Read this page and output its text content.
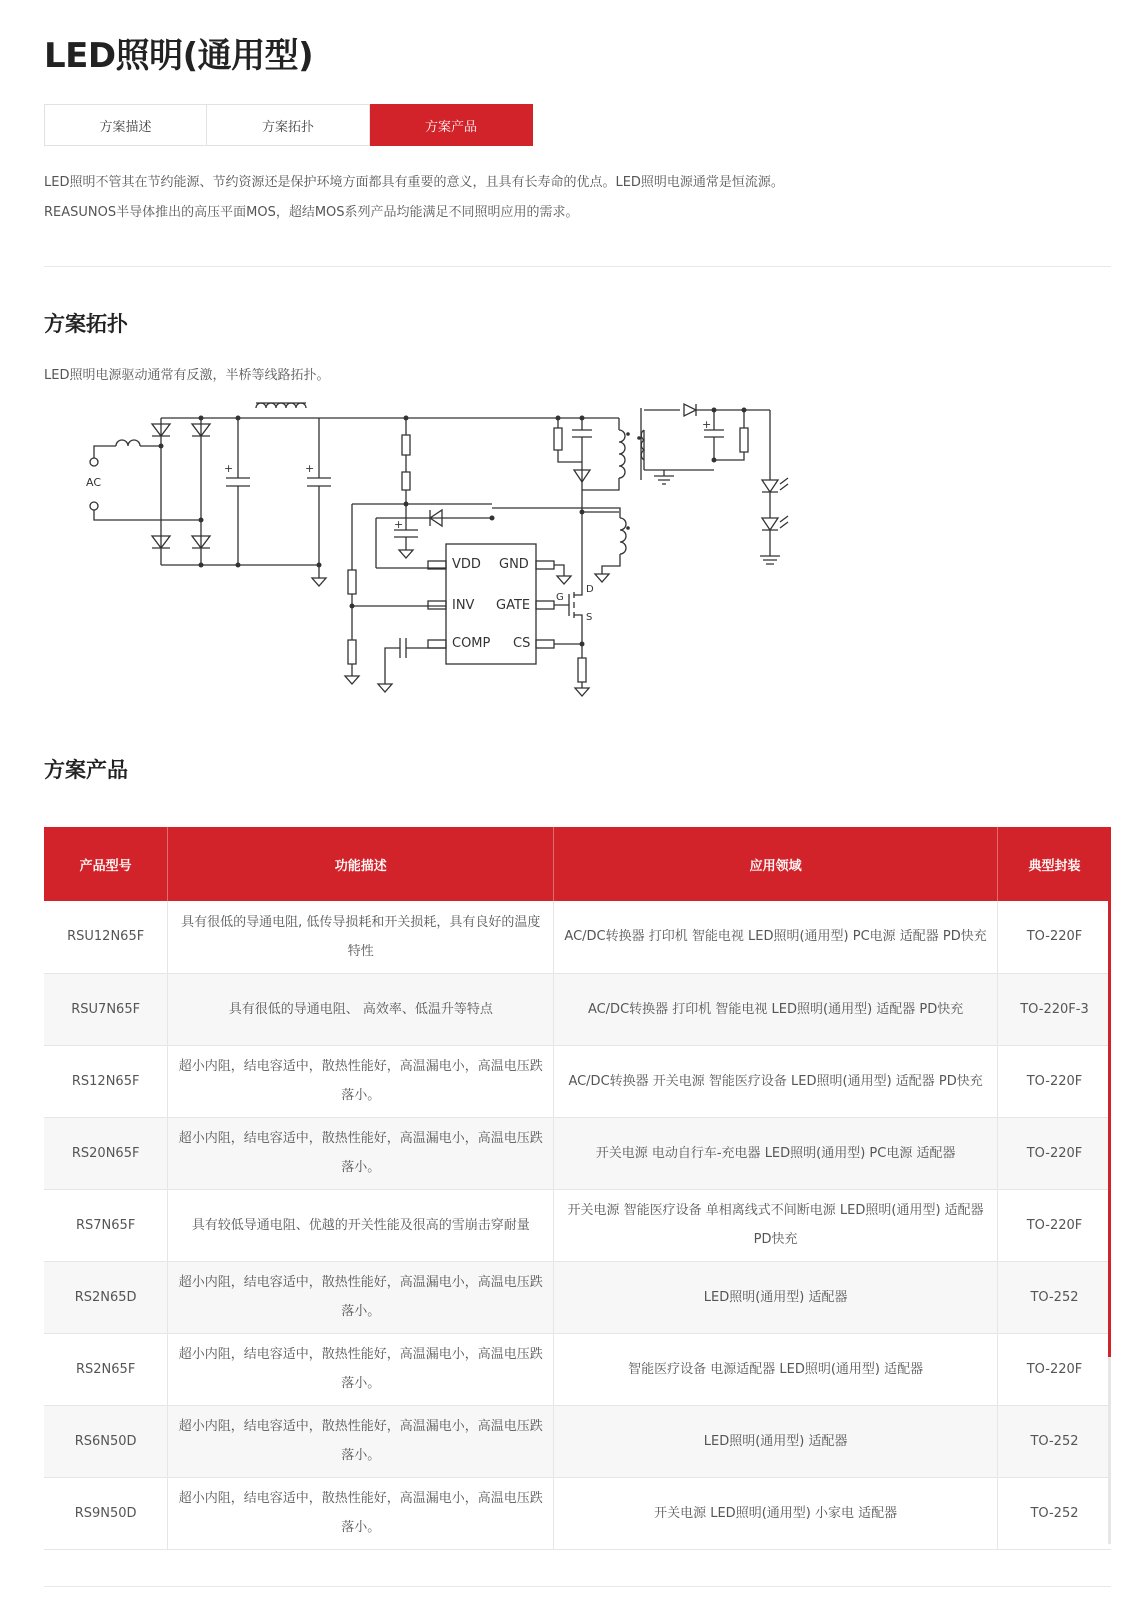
LED照明(通用型)
方案描述	方案拓扑	方案产品

LED照明不管其在节约能源、节约资源还是保护环境方面都具有重要的意义，且具有长寿命的优点。LED照明电源通常是恒流源。

REASUNOS半导体推出的高压平面MOS，超结MOS系列产品均能满足不同照明应用的需求。

方案拓扑
LED照明电源驱动通常有反激，半桥等线路拓扑。
AC
VDD GND
INV GATE
COMP CS
G
D
S
+	+
+
+
方案产品
产品型号	功能描述	应用领域	典型封装
RSU12N65F	具有很低的导通电阻, 低传导损耗和开关损耗，具有良好的温度特性	AC/DC转换器 打印机 智能电视 LED照明(通用型) PC电源 适配器 PD快充	TO-220F
RSU7N65F	具有很低的导通电阻、 高效率、低温升等特点	AC/DC转换器 打印机 智能电视 LED照明(通用型) 适配器 PD快充	TO-220F-3
RS12N65F	超小内阻，结电容适中，散热性能好，高温漏电小，高温电压跌落小。	AC/DC转换器 开关电源 智能医疗设备 LED照明(通用型) 适配器 PD快充	TO-220F
RS20N65F	超小内阻，结电容适中，散热性能好，高温漏电小，高温电压跌落小。	开关电源 电动自行车-充电器 LED照明(通用型) PC电源 适配器	TO-220F
RS7N65F	具有较低导通电阻、优越的开关性能及很高的雪崩击穿耐量	开关电源 智能医疗设备 单相离线式不间断电源 LED照明(通用型) 适配器 PD快充	TO-220F
RS2N65D	超小内阻，结电容适中，散热性能好，高温漏电小，高温电压跌落小。	LED照明(通用型) 适配器	TO-252
RS2N65F	超小内阻，结电容适中，散热性能好，高温漏电小，高温电压跌落小。	智能医疗设备 电源适配器 LED照明(通用型) 适配器	TO-220F
RS6N50D	超小内阻，结电容适中，散热性能好，高温漏电小，高温电压跌落小。	LED照明(通用型) 适配器	TO-252
RS9N50D	超小内阻，结电容适中，散热性能好，高温漏电小，高温电压跌落小。	开关电源 LED照明(通用型) 小家电 适配器	TO-252
